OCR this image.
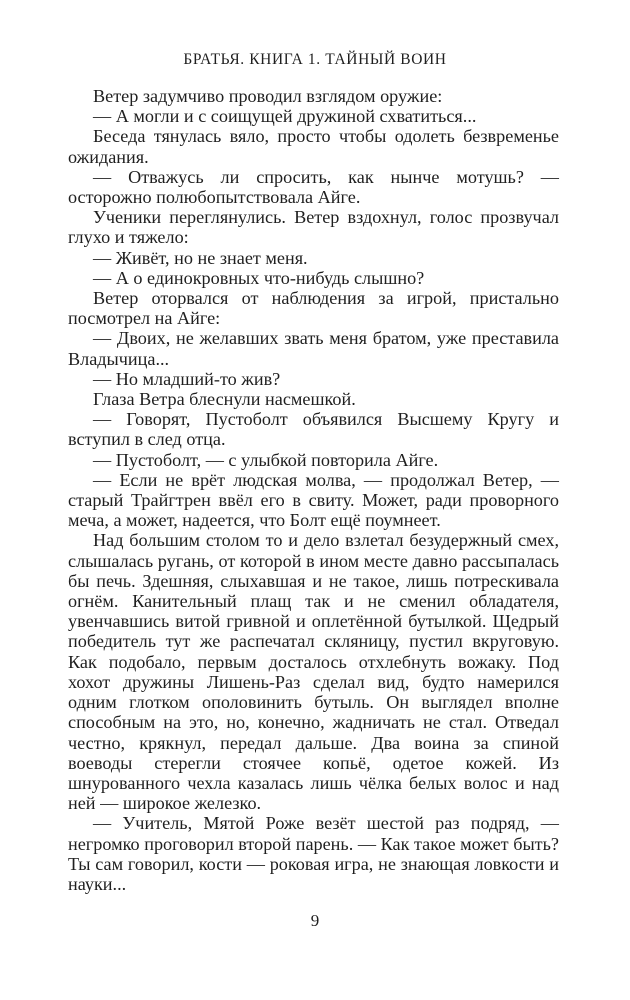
БРАТЬЯ. КНИГА 1. ТАЙНЫЙ ВОИН

Ветер задумчиво проводил взглядом оружие:

— А могли и с соищущей дружиной схватиться...

Беседа тянулась вяло, просто чтобы одолеть безвременье ожидания.

— Отважусь ли спросить, как нынче мотушь? — осторожно полюбопытствовала Айге.

Ученики переглянулись. Ветер вздохнул, голос прозвучал глухо и тяжело:

— Живёт, но не знает меня.

— А о единокровных что-нибудь слышно?

Ветер оторвался от наблюдения за игрой, пристально посмотрел на Айге:

— Двоих, не желавших звать меня братом, уже преставила Владычица...

— Но младший-то жив?

Глаза Ветра блеснули насмешкой.

— Говорят, Пустоболт объявился Высшему Кругу и вступил в след отца.

— Пустоболт, — с улыбкой повторила Айге.

— Если не врёт людская молва, — продолжал Ветер, — старый Трайгтрен ввёл его в свиту. Может, ради проворного меча, а может, надеется, что Болт ещё поумнеет.

Над большим столом то и дело взлетал безудержный смех, слышалась ругань, от которой в ином месте давно рассыпалась бы печь. Здешняя, слыхавшая и не такое, лишь потрескивала огнём. Канительный плащ так и не сменил обладателя, увенчавшись витой гривной и оплетённой бутылкой. Щедрый победитель тут же распечатал скляницу, пустил вкруговую. Как подобало, первым досталось отхлебнуть вожаку. Под хохот дружины Лишень-Раз сделал вид, будто намерился одним глотком ополовинить бутыль. Он выглядел вполне способным на это, но, конечно, жадничать не стал. Отведал честно, крякнул, передал дальше. Два воина за спиной воеводы стерегли стоячее копьё, одетое кожей. Из шнурованного чехла казалась лишь чёлка белых волос и над ней — широкое железко.

— Учитель, Мятой Роже везёт шестой раз подряд, — негромко проговорил второй парень. — Как такое может быть? Ты сам говорил, кости — роковая игра, не знающая ловкости и науки...

9
